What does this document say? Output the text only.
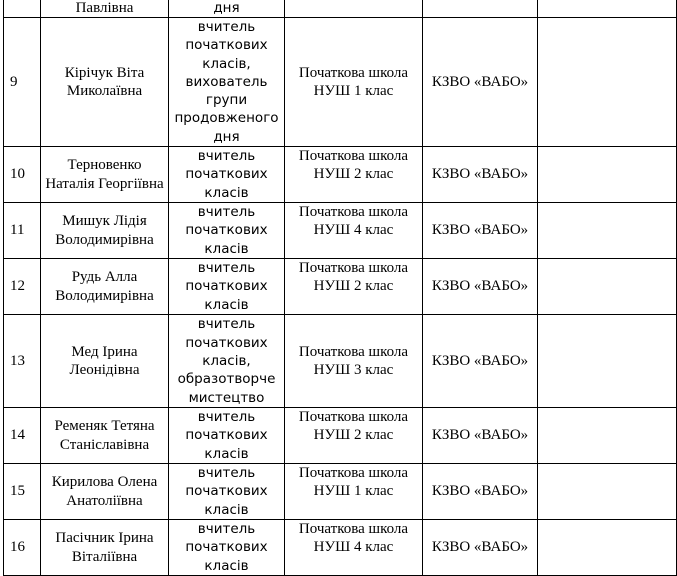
	Павлівна	дня			
9	Кірічук Віта Миколаївна	вчитель початкових класів, вихователь групи продовженого дня	Початкова школа НУШ 1 клас	КЗВО «ВАБО»	
10	Терновенко Наталія Георгіївна	вчитель початкових класів	Початкова школа НУШ 2 клас	КЗВО «ВАБО»	
11	Мишук Лідія Володимирівна	вчитель початкових класів	Початкова школа НУШ 4 клас	КЗВО «ВАБО»	
12	Рудь Алла Володимирівна	вчитель початкових класів	Початкова школа НУШ 2 клас	КЗВО «ВАБО»	
13	Мед Ірина Леонідівна	вчитель початкових класів, образотворче мистецтво	Початкова школа НУШ 3 клас	КЗВО «ВАБО»	
14	Ременяк Тетяна Станіславівна	вчитель початкових класів	Початкова школа НУШ 2 клас	КЗВО «ВАБО»	
15	Кирилова Олена Анатоліївна	вчитель початкових класів	Початкова школа НУШ 1 клас	КЗВО «ВАБО»	
16	Пасічник Ірина Віталіївна	вчитель початкових класів	Початкова школа НУШ 4 клас	КЗВО «ВАБО»	
